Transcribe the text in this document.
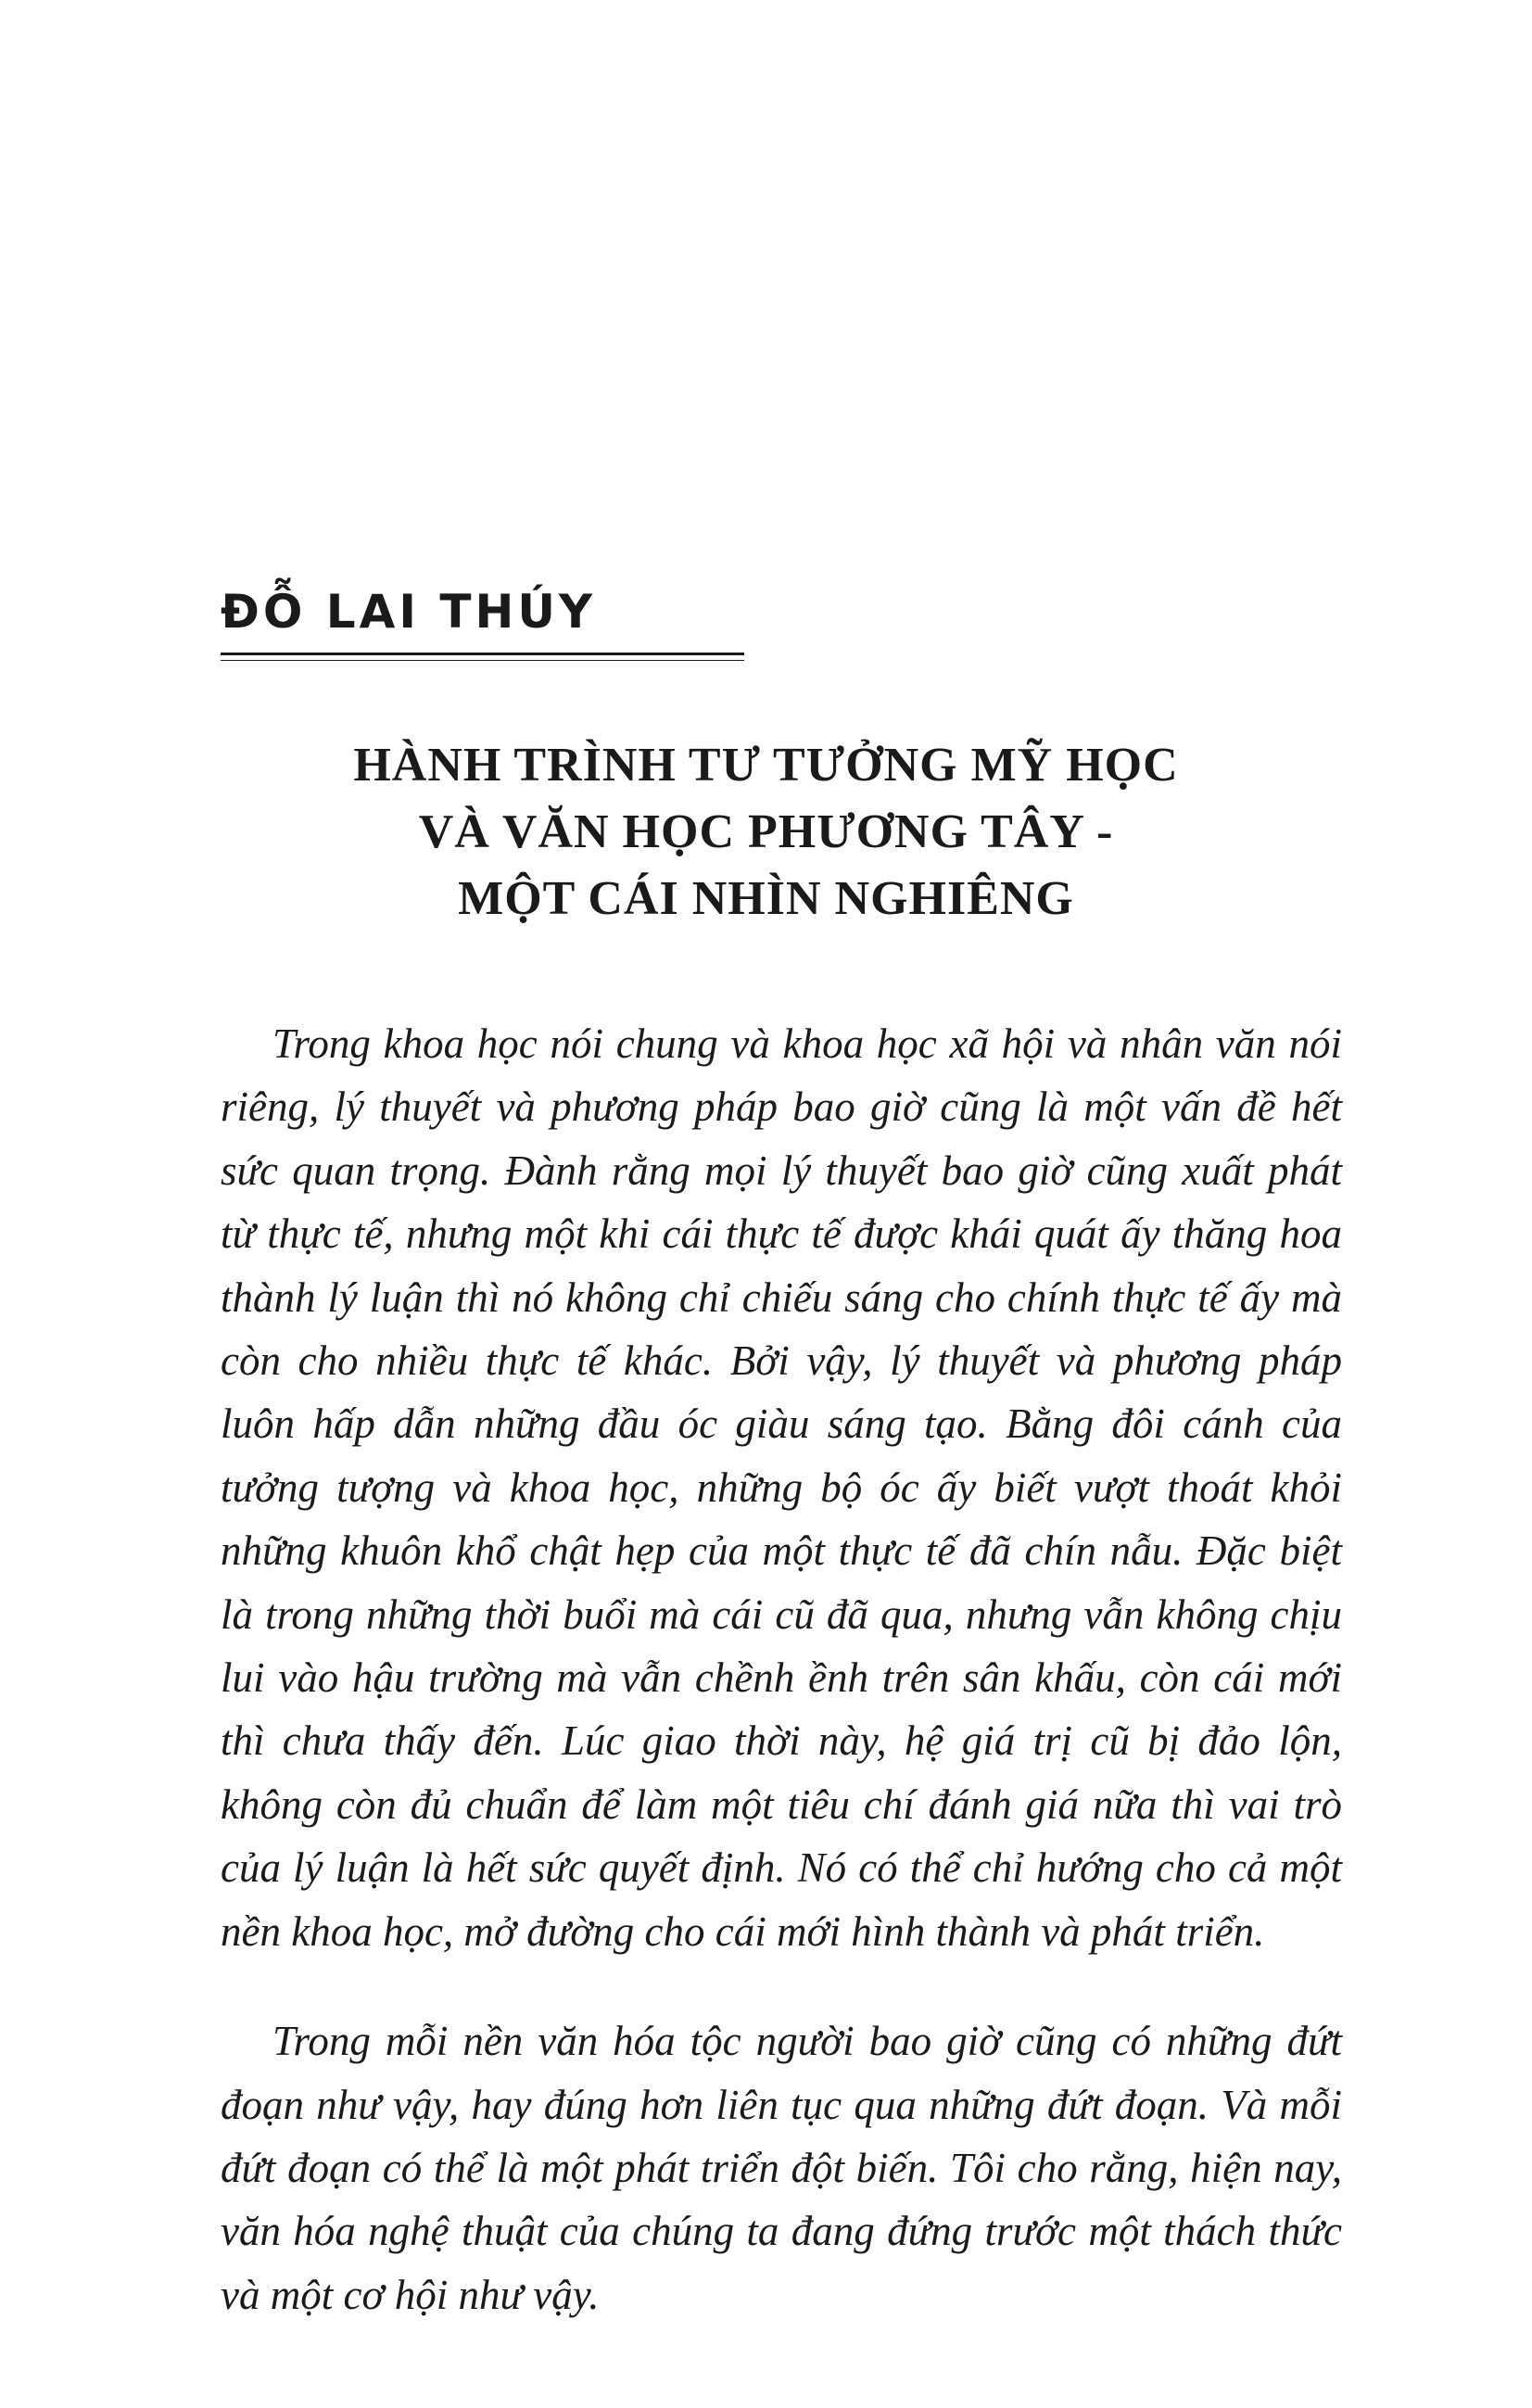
ĐỖ LAI THÚY
HÀNH TRÌNH TƯ TƯỞNG MỸ HỌC
VÀ VĂN HỌC PHƯƠNG TÂY -
MỘT CÁI NHÌN NGHIÊNG

Trong khoa học nói chung và khoa học xã hội và nhân văn nói riêng, lý thuyết và phương pháp bao giờ cũng là một vấn đề hết sức quan trọng. Đành rằng mọi lý thuyết bao giờ cũng xuất phát từ thực tế, nhưng một khi cái thực tế được khái quát ấy thăng hoa thành lý luận thì nó không chỉ chiếu sáng cho chính thực tế ấy mà còn cho nhiều thực tế khác. Bởi vậy, lý thuyết và phương pháp luôn hấp dẫn những đầu óc giàu sáng tạo. Bằng đôi cánh của tưởng tượng và khoa học, những bộ óc ấy biết vượt thoát khỏi những khuôn khổ chật hẹp của một thực tế đã chín nẫu. Đặc biệt là trong những thời buổi mà cái cũ đã qua, nhưng vẫn không chịu lui vào hậu trường mà vẫn chềnh ềnh trên sân khấu, còn cái mới thì chưa thấy đến. Lúc giao thời này, hệ giá trị cũ bị đảo lộn, không còn đủ chuẩn để làm một tiêu chí đánh giá nữa thì vai trò của lý luận là hết sức quyết định. Nó có thể chỉ hướng cho cả một nền khoa học, mở đường cho cái mới hình thành và phát triển.

Trong mỗi nền văn hóa tộc người bao giờ cũng có những đứt đoạn như vậy, hay đúng hơn liên tục qua những đứt đoạn. Và mỗi đứt đoạn có thể là một phát triển đột biến. Tôi cho rằng, hiện nay, văn hóa nghệ thuật của chúng ta đang đứng trước một thách thức và một cơ hội như vậy.
